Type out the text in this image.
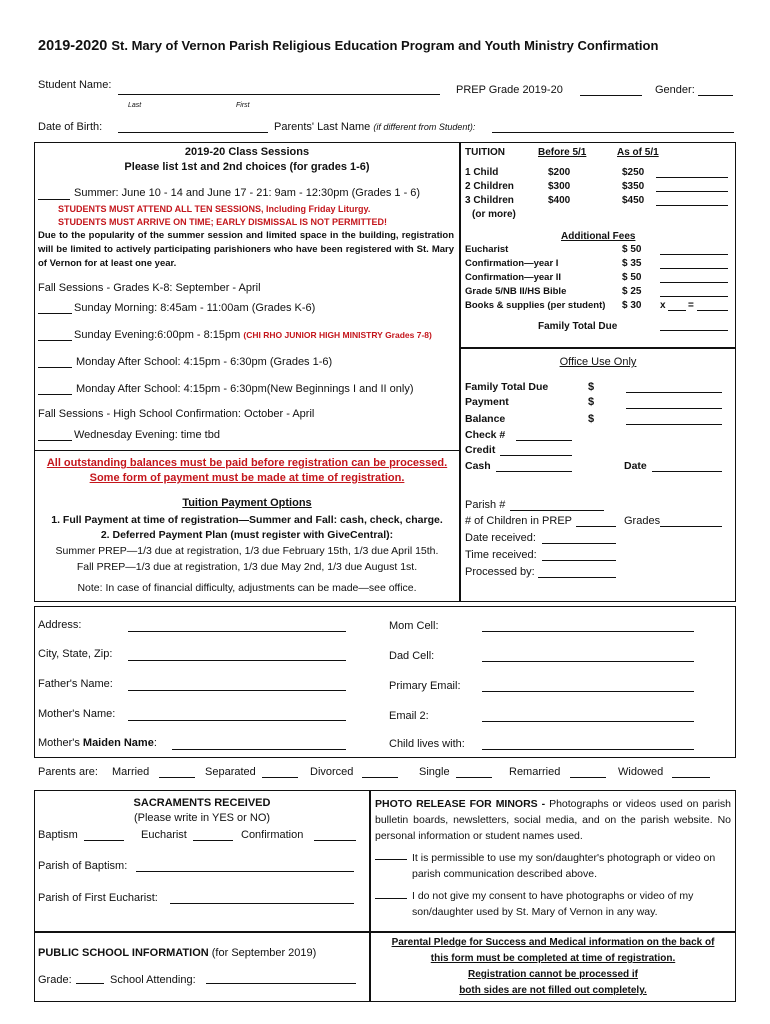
2019-2020 St. Mary of Vernon Parish Religious Education Program and Youth Ministry Confirmation
Student Name:
Last	First
PREP Grade 2019-20	Gender:
Date of Birth:	Parents' Last Name (if different from Student):
2019-20 Class Sessions
Please list 1st and 2nd choices (for grades 1-6)
Summer: June 10 - 14 and June 17 - 21: 9am - 12:30pm (Grades 1 - 6)
STUDENTS MUST ATTEND ALL TEN SESSIONS, Including Friday Liturgy.
STUDENTS MUST ARRIVE ON TIME; EARLY DISMISSAL IS NOT PERMITTED!
Due to the popularity of the summer session and limited space in the building, registration will be limited to actively participating parishioners who have been registered with St. Mary of Vernon for at least one year.
Fall Sessions - Grades K-8: September - April
Sunday Morning: 8:45am - 11:00am (Grades K-6)
Sunday Evening:6:00pm - 8:15pm (CHI RHO JUNIOR HIGH MINISTRY Grades 7-8)
Monday After School: 4:15pm - 6:30pm (Grades 1-6)
Monday After School: 4:15pm - 6:30pm(New Beginnings I and II only)
Fall Sessions - High School Confirmation: October - April
Wednesday Evening: time tbd
All outstanding balances must be paid before registration can be processed.
Some form of payment must be made at time of registration.
Tuition Payment Options
1. Full Payment at time of registration—Summer and Fall: cash, check, charge.
2. Deferred Payment Plan (must register with GiveCentral):
Summer PREP—1/3 due at registration, 1/3 due February 15th, 1/3 due April 15th.
Fall PREP—1/3 due at registration, 1/3 due May 2nd, 1/3 due August 1st.
Note: In case of financial difficulty, adjustments can be made—see office.
TUITION	Before 5/1	As of 5/1
1 Child	$200	$250
2 Children	$300	$350
3 Children	$400	$450
(or more)
Additional Fees
Eucharist	$ 50
Confirmation—year I	$ 35
Confirmation—year II	$ 50
Grade 5/NB II/HS Bible	$ 25
Books & supplies (per student) $ 30 x =
Family Total Due
Office Use Only
Family Total Due	$
Payment	$
Balance	$
Check #
Credit
Cash	Date
Parish #
# of Children in PREP	Grades
Date received:
Time received:
Processed by:
Address:
City, State, Zip:
Father's Name:
Mother's Name:
Mother's Maiden Name:
Mom Cell:
Dad Cell:
Primary Email:
Email 2:
Child lives with:
Parents are: Married	Separated	Divorced	Single	Remarried	Widowed
SACRAMENTS RECEIVED
(Please write in YES or NO)
Baptism	Eucharist	Confirmation
Parish of Baptism:
Parish of First Eucharist:
PHOTO RELEASE FOR MINORS - Photographs or videos used on parish bulletin boards, newsletters, social media, and on the parish website. No personal information or student names used.
It is permissible to use my son/daughter's photograph or video on parish communication described above.
I do not give my consent to have photographs or video of my son/daughter used by St. Mary of Vernon in any way.
PUBLIC SCHOOL INFORMATION (for September 2019)
Grade:	School Attending:
Parental Pledge for Success and Medical information on the back of
this form must be completed at time of registration.
Registration cannot be processed if
both sides are not filled out completely.
